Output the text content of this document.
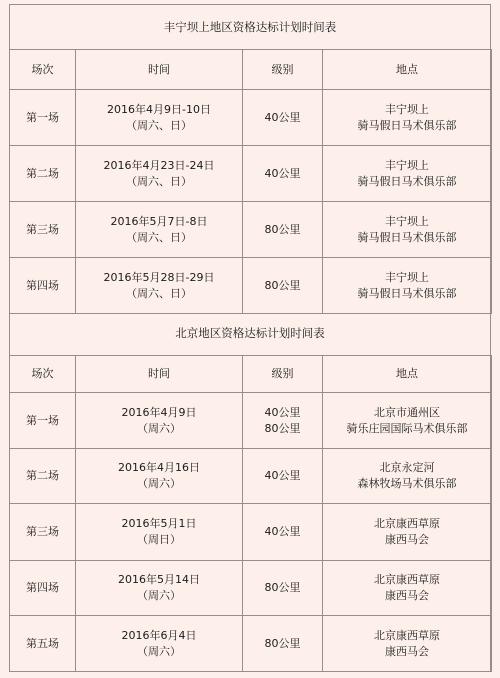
丰宁坝上地区资格达标计划时间表
场次	时间	级别	地点
第一场	2016年4月9日-10日
（周六、日）	40公里	丰宁坝上
骑马假日马术俱乐部

第二场	2016年4月23日-24日
（周六、日）	40公里	丰宁坝上
骑马假日马术俱乐部

第三场	2016年5月7日-8日
（周六、日）	80公里	丰宁坝上
骑马假日马术俱乐部

第四场	2016年5月28日-29日
（周六、日）	80公里	丰宁坝上
骑马假日马术俱乐部
北京地区资格达标计划时间表
场次	时间	级别	地点
第一场	2016年4月9日
（周六）	40公里
80公里	北京市通州区
骑乐庄园国际马术俱乐部

第二场	2016年4月16日
（周六）	40公里	北京永定河
森林牧场马术俱乐部

第三场	2016年5月1日
（周日）	40公里	北京康西草原
康西马会

第四场	2016年5月14日
（周六）	80公里	北京康西草原
康西马会

第五场	2016年6月4日
（周六）	80公里	北京康西草原
康西马会
